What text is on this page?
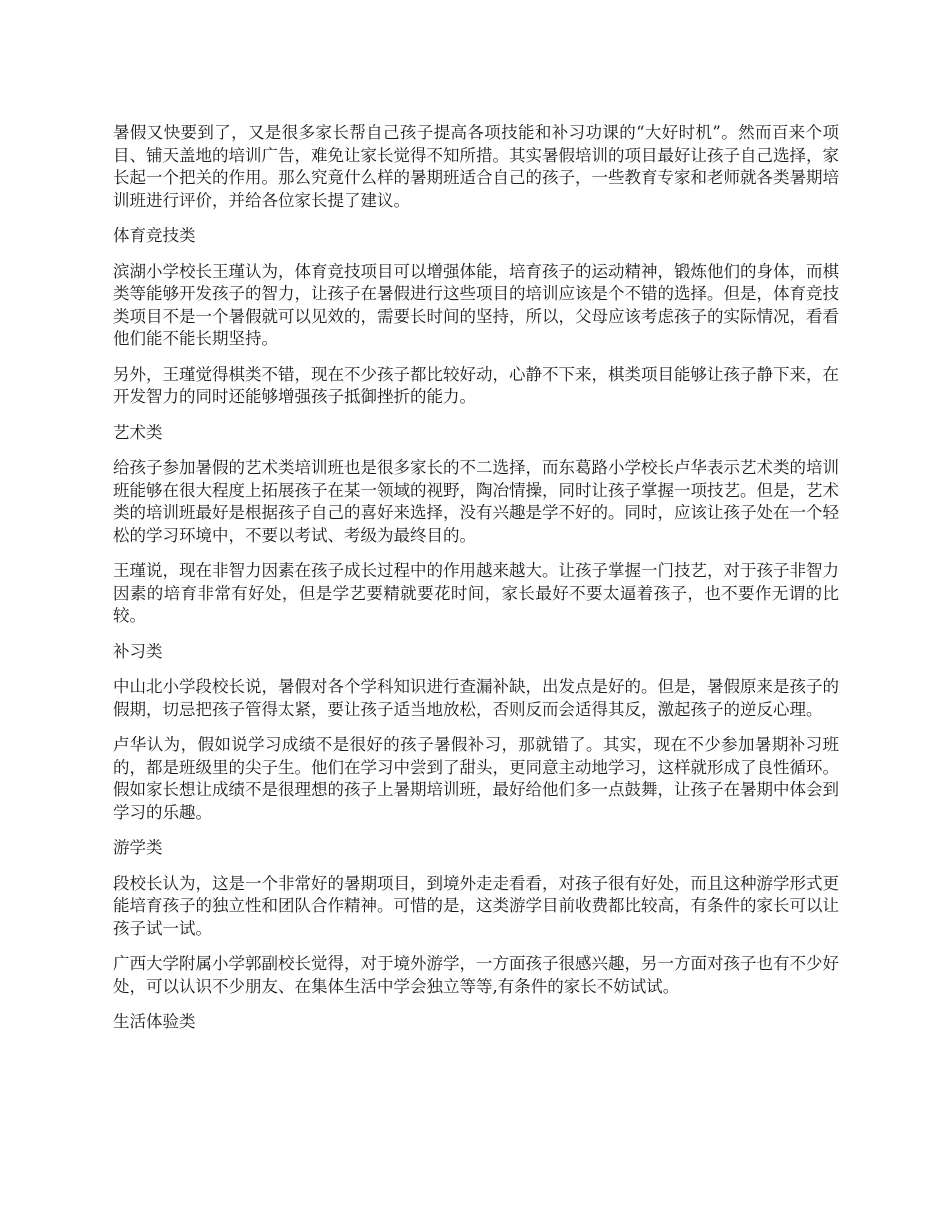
暑假又快要到了，又是很多家长帮自己孩子提高各项技能和补习功课的“大好时机”。然而百来个项目、铺天盖地的培训广告，难免让家长觉得不知所措。其实暑假培训的项目最好让孩子自己选择，家长起一个把关的作用。那么究竟什么样的暑期班适合自己的孩子，一些教育专家和老师就各类暑期培训班进行评价，并给各位家长提了建议。

体育竞技类

滨湖小学校长王瑾认为，体育竞技项目可以增强体能，培育孩子的运动精神，锻炼他们的身体，而棋类等能够开发孩子的智力，让孩子在暑假进行这些项目的培训应该是个不错的选择。但是，体育竞技类项目不是一个暑假就可以见效的，需要长时间的坚持，所以，父母应该考虑孩子的实际情况，看看他们能不能长期坚持。

另外，王瑾觉得棋类不错，现在不少孩子都比较好动，心静不下来，棋类项目能够让孩子静下来，在开发智力的同时还能够增强孩子抵御挫折的能力。

艺术类

给孩子参加暑假的艺术类培训班也是很多家长的不二选择，而东葛路小学校长卢华表示艺术类的培训班能够在很大程度上拓展孩子在某一领域的视野，陶冶情操，同时让孩子掌握一项技艺。但是，艺术类的培训班最好是根据孩子自己的喜好来选择，没有兴趣是学不好的。同时，应该让孩子处在一个轻松的学习环境中，不要以考试、考级为最终目的。

王瑾说，现在非智力因素在孩子成长过程中的作用越来越大。让孩子掌握一门技艺，对于孩子非智力因素的培育非常有好处，但是学艺要精就要花时间，家长最好不要太逼着孩子，也不要作无谓的比较。

补习类

中山北小学段校长说，暑假对各个学科知识进行查漏补缺，出发点是好的。但是，暑假原来是孩子的假期，切忌把孩子管得太紧，要让孩子适当地放松，否则反而会适得其反，激起孩子的逆反心理。

卢华认为，假如说学习成绩不是很好的孩子暑假补习，那就错了。其实，现在不少参加暑期补习班的，都是班级里的尖子生。他们在学习中尝到了甜头，更同意主动地学习，这样就形成了良性循环。假如家长想让成绩不是很理想的孩子上暑期培训班，最好给他们多一点鼓舞，让孩子在暑期中体会到学习的乐趣。

游学类

段校长认为，这是一个非常好的暑期项目，到境外走走看看，对孩子很有好处，而且这种游学形式更能培育孩子的独立性和团队合作精神。可惜的是，这类游学目前收费都比较高，有条件的家长可以让孩子试一试。

广西大学附属小学郭副校长觉得，对于境外游学，一方面孩子很感兴趣，另一方面对孩子也有不少好处，可以认识不少朋友、在集体生活中学会独立等等,有条件的家长不妨试试。

生活体验类
